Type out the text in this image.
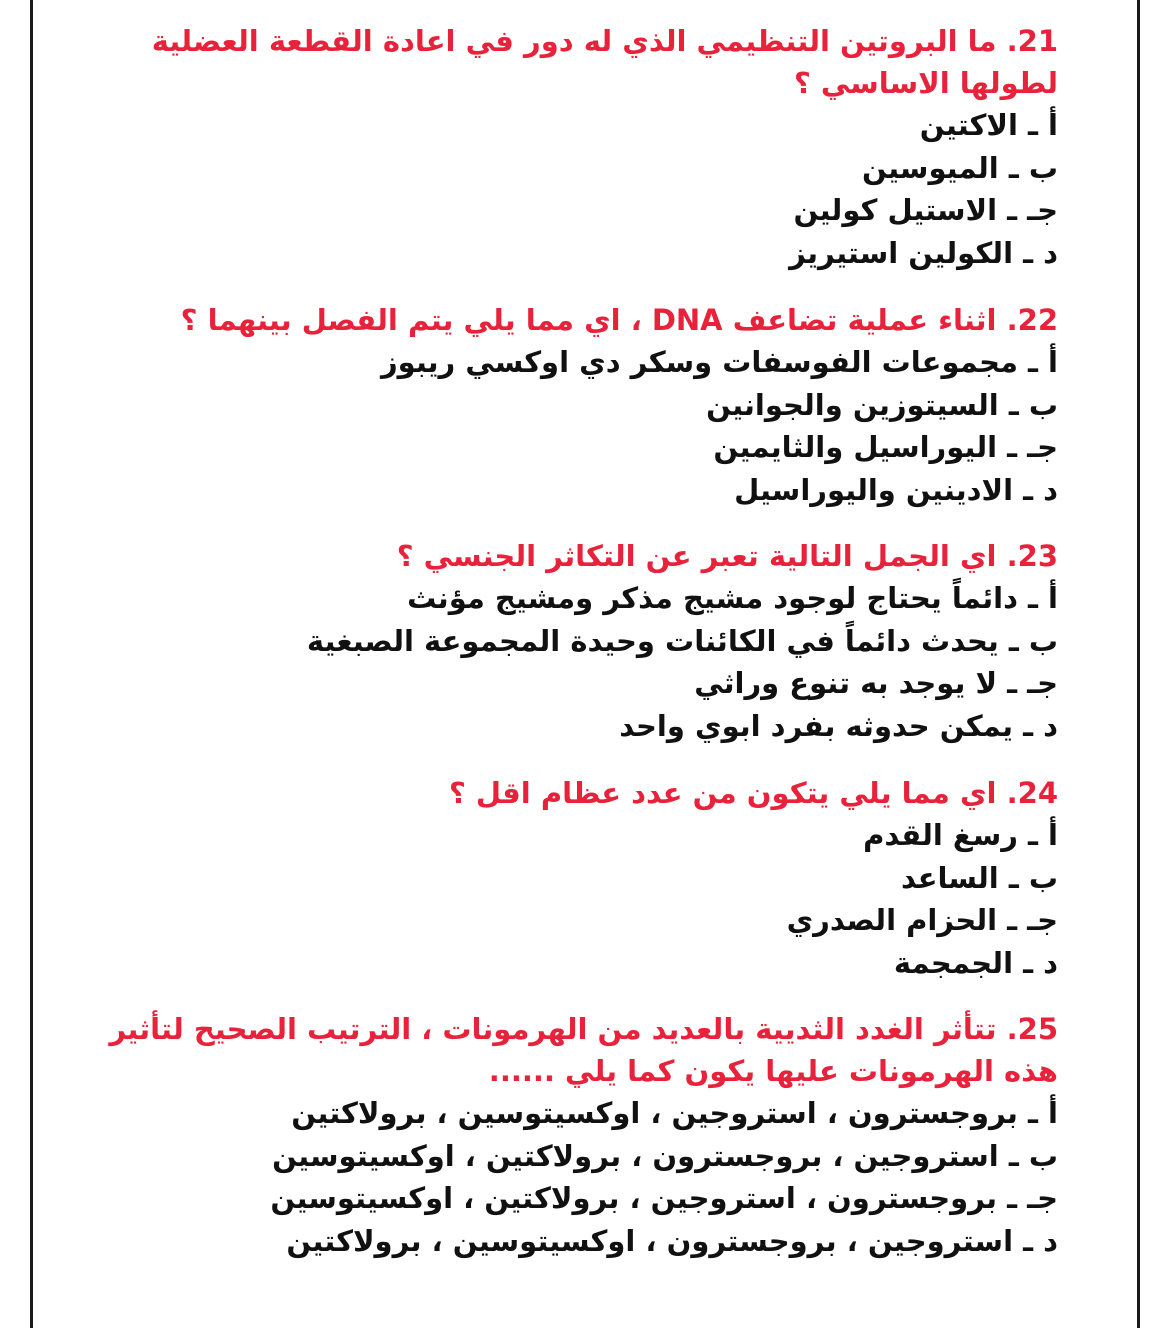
21. ما البروتين التنظيمي الذي له دور في اعادة القطعة العضلية لطولها الاساسي ؟

أ ـ الاكتين

ب ـ الميوسين

جـ ـ الاستيل كولين

د ـ الكولين استيريز

22. اثناء عملية تضاعف DNA ، اي مما يلي يتم الفصل بينهما ؟

أ ـ مجموعات الفوسفات وسكر دي اوكسي ريبوز

ب ـ السيتوزين والجوانين

جـ ـ اليوراسيل والثايمين

د ـ الادينين واليوراسيل

23. اي الجمل التالية تعبر عن التكاثر الجنسي ؟

أ ـ دائماً يحتاج لوجود مشيج مذكر ومشيج مؤنث

ب ـ يحدث دائماً في الكائنات وحيدة المجموعة الصبغية

جـ ـ لا يوجد به تنوع وراثي

د ـ يمكن حدوثه بفرد ابوي واحد

24. اي مما يلي يتكون من عدد عظام اقل ؟

أ ـ رسغ القدم

ب ـ الساعد

جـ ـ الحزام الصدري

د ـ الجمجمة

25. تتأثر الغدد الثديية بالعديد من الهرمونات ، الترتيب الصحيح لتأثير هذه الهرمونات عليها يكون كما يلي ......

أ ـ بروجسترون ، استروجين ، اوكسيتوسين ، برولاكتين

ب ـ استروجين ، بروجسترون ، برولاكتين ، اوكسيتوسين

جـ ـ بروجسترون ، استروجين ، برولاكتين ، اوكسيتوسين

د ـ استروجين ، بروجسترون ، اوكسيتوسين ، برولاكتين
